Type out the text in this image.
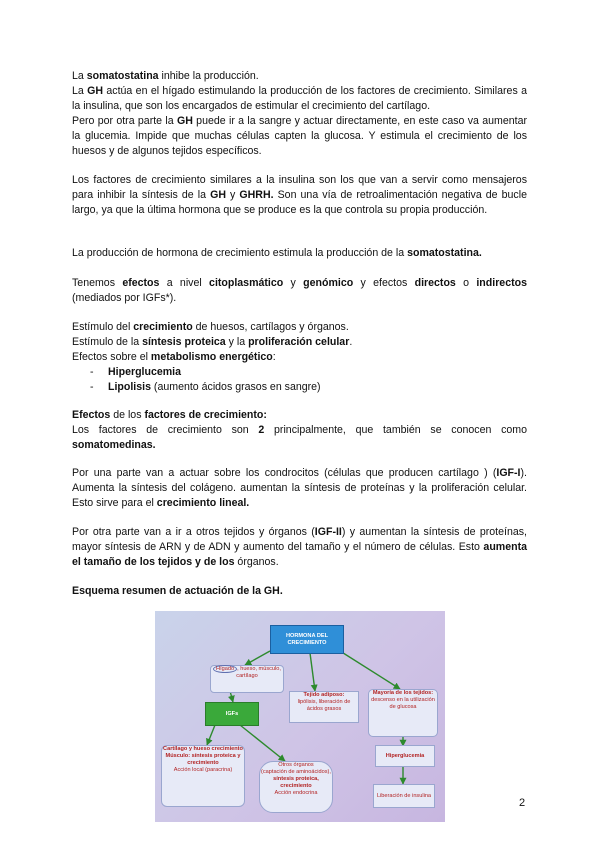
La somatostatina inhibe la producción.

La GH actúa en el hígado estimulando la producción de los factores de crecimiento. Similares a la insulina, que son los encargados de estimular el crecimiento del cartílago.

Pero por otra parte la GH puede ir a la sangre y actuar directamente, en este caso va aumentar la glucemia. Impide que muchas células capten la glucosa. Y estimula el crecimiento de los huesos y de algunos tejidos específicos.

Los factores de crecimiento similares a la insulina son los que van a servir como mensajeros para inhibir la síntesis de la GH y GHRH. Son una vía de retroalimentación negativa de bucle largo, ya que la última hormona que se produce es la que controla su propia producción.

La producción de hormona de crecimiento estimula la producción de la somatostatina.

Tenemos efectos a nivel citoplasmático y genómico y efectos directos o indirectos (mediados por IGFs*).

Estímulo del crecimiento de huesos, cartílagos y órganos.

Estímulo de la síntesis proteica y la proliferación celular.

Efectos sobre el metabolismo energético:

- Hiperglucemia
- Lipolisis (aumento ácidos grasos en sangre)

Efectos de los factores de crecimiento:

Los factores de crecimiento son 2 principalmente, que también se conocen como somatomedinas.

Por una parte van a actuar sobre los condrocitos (células que producen cartílago ) (IGF-I). Aumenta la síntesis del colágeno. aumentan la síntesis de proteínas y la proliferación celular. Esto sirve para el crecimiento lineal.

Por otra parte van a ir a otros tejidos y órganos (IGF-II) y aumentan la síntesis de proteínas, mayor síntesis de ARN y de ADN y aumento del tamaño y el número de células. Esto aumenta el tamaño de los tejidos y de los órganos.

Esquema resumen de actuación de la GH.

HORMONA DEL CRECIMIENTO
Hígado , hueso, músculo, cartílago
Tejido adiposo:
lipólisis, liberación de ácidos grasos
Mayoría de los tejidos:
descenso en la utilización de glucosa
IGFs
Hiperglucemia
Cartílago y hueso crecimiento Músculo: síntesis proteica y crecimiento
Acción local (paracrina)
Otros órganos
(captación de aminoácidos), síntesis proteica, crecimiento
Acción endocrina	Liberación de insulina
2
